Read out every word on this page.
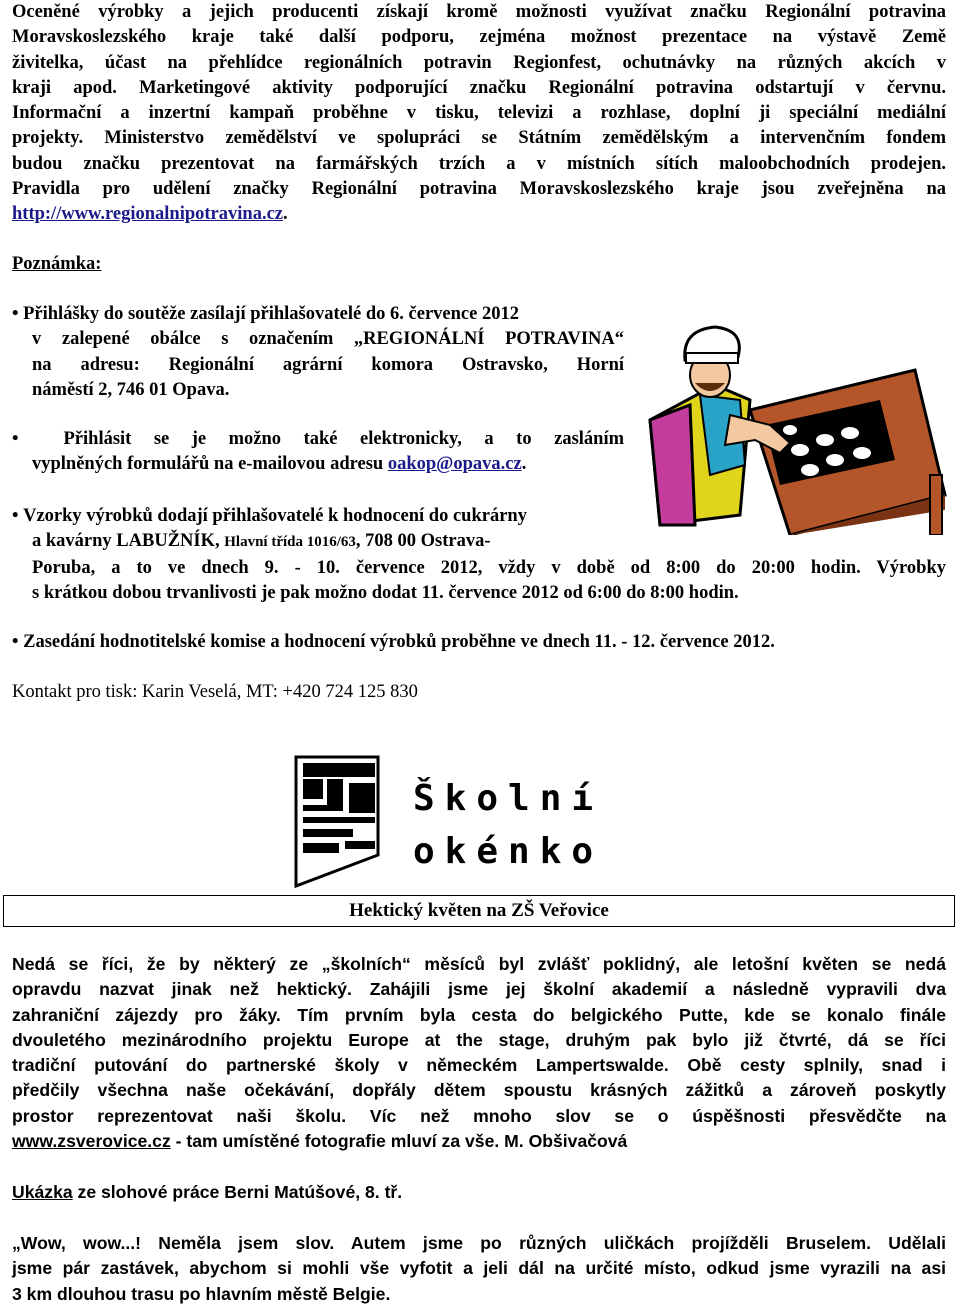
Oceněné výrobky a jejich producenti získají kromě možnosti využívat značku Regionální potravina
Moravskoslezského kraje také další podporu, zejména možnost prezentace na výstavě Země
živitelka, účast na přehlídce regionálních potravin Regionfest, ochutnávky na různých akcích v
kraji apod. Marketingové aktivity podporující značku Regionální potravina odstartují v červnu.
Informační a inzertní kampaň proběhne v tisku, televizi a rozhlase, doplní ji speciální mediální
projekty. Ministerstvo zemědělství ve spolupráci se Státním zemědělským a intervenčním fondem
budou značku prezentovat na farmářských trzích a v místních sítích maloobchodních prodejen.
Pravidla pro udělení značky Regionální potravina Moravskoslezského kraje jsou zveřejněna na
http://www.regionalnipotravina.cz.
Poznámka:
• Přihlášky do soutěže zasílají přihlašovatelé do 6. července 2012
v zalepené obálce s označením „REGIONÁLNÍ POTRAVINA“
na adresu: Regionální agrární komora Ostravsko, Horní
náměstí 2, 746 01 Opava.
•  Přihlásit se je možno také elektronicky, a to zasláním
vyplněných formulářů na e-mailovou adresu oakop@opava.cz.
• Vzorky výrobků dodají přihlašovatelé k hodnocení do cukrárny
a kavárny LABUŽNÍK, Hlavní třída 1016/63, 708 00 Ostrava-
Poruba, a to ve dnech 9. - 10. července 2012, vždy v době od 8:00 do 20:00 hodin. Výrobky
s krátkou dobou trvanlivosti je pak možno dodat 11. července 2012 od 6:00 do 8:00 hodin.
• Zasedání hodnotitelské komise a hodnocení výrobků proběhne ve dnech 11. - 12. července 2012.
Kontakt pro tisk: Karin Veselá, MT: +420 724 125 830
Školní
okénko
Hektický květen na ZŠ Veřovice
Nedá se říci, že by některý ze „školních“ měsíců byl zvlášť poklidný, ale letošní květen se nedá
opravdu nazvat jinak než hektický. Zahájili jsme jej školní akademií a následně vypravili dva
zahraniční zájezdy pro žáky. Tím prvním byla cesta do belgického Putte, kde se konalo finále
dvouletého mezinárodního projektu Europe at the stage, druhým pak bylo již čtvrté, dá se říci
tradiční putování do partnerské školy v německém Lampertswalde. Obě cesty splnily, snad i
předčily všechna naše očekávání, dopřály dětem spoustu krásných zážitků a zároveň poskytly
prostor reprezentovat naši školu. Víc než mnoho slov se o úspěšnosti přesvědčte na
www.zsverovice.cz - tam umístěné fotografie mluví za vše. M. Obšivačová
Ukázka ze slohové práce Berni Matúšové, 8. tř.
„Wow, wow...! Neměla jsem slov. Autem jsme po různých uličkách projížděli Bruselem. Udělali
jsme pár zastávek, abychom si mohli vše vyfotit a jeli dál na určité místo, odkud jsme vyrazili na asi
3 km dlouhou trasu po hlavním městě Belgie.
